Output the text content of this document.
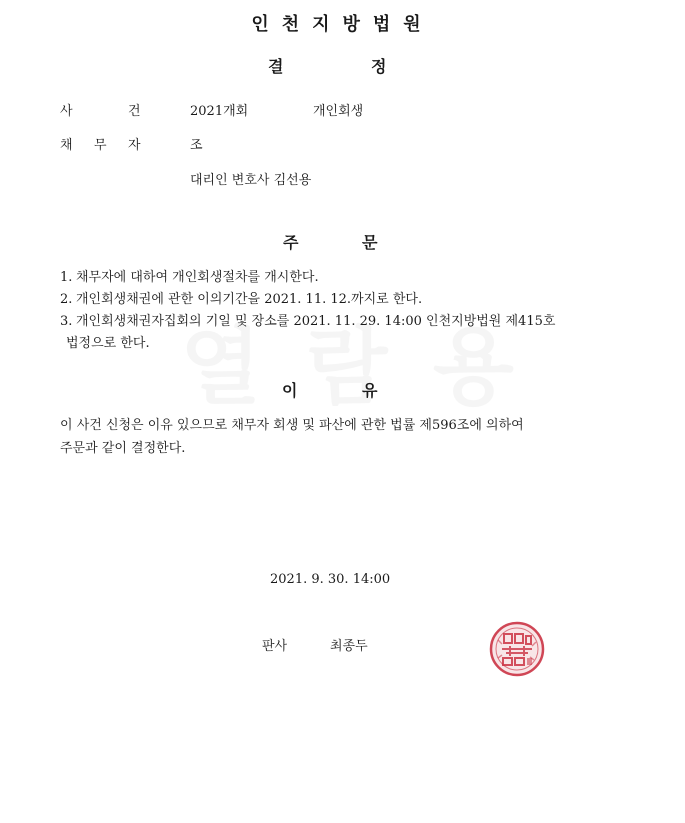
인천지방법원
결	정
사	건	2021개회	개인회생
채 무 자	조
대리인 변호사 김선용
주	문
1. 채무자에 대하여 개인회생절차를 개시한다.
2. 개인회생채권에 관한 이의기간을 2021. 11. 12.까지로 한다.
3. 개인회생채권자집회의 기일 및 장소를 2021. 11. 29. 14:00 인천지방법원 제415호
법정으로 한다.
이	유
이 사건 신청은 이유 있으므로 채무자 회생 및 파산에 관한 법률 제596조에 의하여
주문과 같이 결정한다.
2021. 9. 30. 14:00
판사	최종두
